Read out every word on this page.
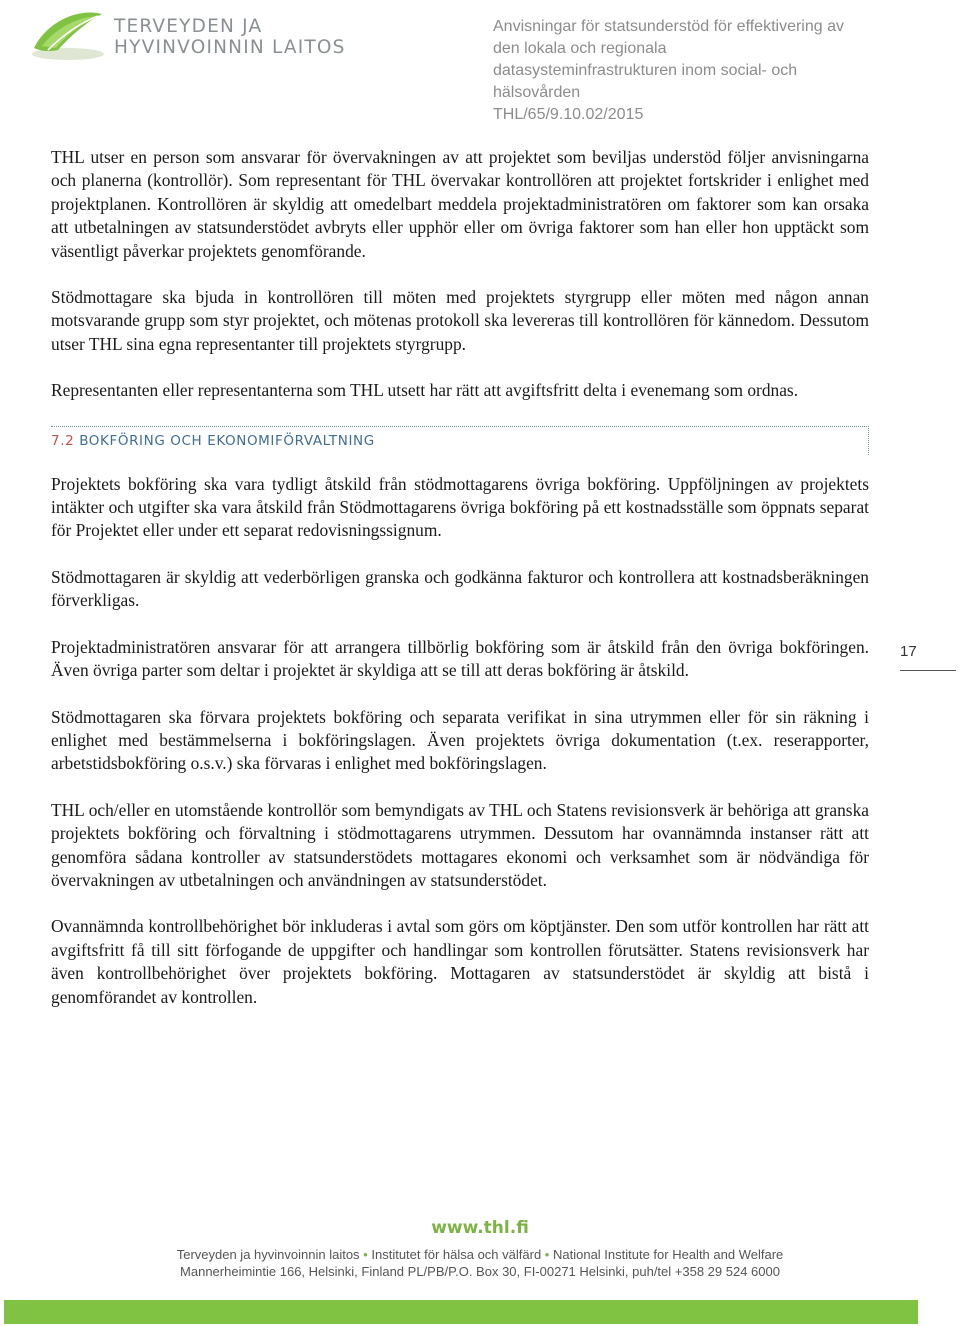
TERVEYDEN JA
HYVINVOINNIN LAITOS
Anvisningar för statsunderstöd för effektivering av
den lokala och regionala
datasysteminfrastrukturen inom social- och
hälsovården
THL/65/9.10.02/2015

THL utser en person som ansvarar för övervakningen av att projektet som beviljas understöd följer anvisningarna och planerna (kontrollör). Som representant för THL övervakar kontrollören att projektet fortskrider i enlighet med projektplanen. Kontrollören är skyldig att omedelbart meddela projektadministratören om faktorer som kan orsaka att utbetalningen av statsunderstödet avbryts eller upphör eller om övriga faktorer som han eller hon upptäckt som väsentligt påverkar projektets genomförande.

Stödmottagare ska bjuda in kontrollören till möten med projektets styrgrupp eller möten med någon annan motsvarande grupp som styr projektet, och mötenas protokoll ska levereras till kontrollören för kännedom. Dessutom utser THL sina egna representanter till projektets styrgrupp.

Representanten eller representanterna som THL utsett har rätt att avgiftsfritt delta i evenemang som ordnas.

7.2 BOKFÖRING OCH EKONOMIFÖRVALTNING

Projektets bokföring ska vara tydligt åtskild från stödmottagarens övriga bokföring. Uppföljningen av projektets intäkter och utgifter ska vara åtskild från Stödmottagarens övriga bokföring på ett kostnadsställe som öppnats separat för Projektet eller under ett separat redovisningssignum.

Stödmottagaren är skyldig att vederbörligen granska och godkänna fakturor och kontrollera att kostnadsberäkningen förverkligas.

Projektadministratören ansvarar för att arrangera tillbörlig bokföring som är åtskild från den övriga bokföringen. Även övriga parter som deltar i projektet är skyldiga att se till att deras bokföring är åtskild.

Stödmottagaren ska förvara projektets bokföring och separata verifikat in sina utrymmen eller för sin räkning i enlighet med bestämmelserna i bokföringslagen. Även projektets övriga dokumentation (t.ex. reserapporter, arbetstidsbokföring o.s.v.) ska förvaras i enlighet med bokföringslagen.

THL och/eller en utomstående kontrollör som bemyndigats av THL och Statens revisionsverk är behöriga att granska projektets bokföring och förvaltning i stödmottagarens utrymmen. Dessutom har ovannämnda instanser rätt att genomföra sådana kontroller av statsunderstödets mottagares ekonomi och verksamhet som är nödvändiga för övervakningen av utbetalningen och användningen av statsunderstödet.

Ovannämnda kontrollbehörighet bör inkluderas i avtal som görs om köptjänster. Den som utför kontrollen har rätt att avgiftsfritt få till sitt förfogande de uppgifter och handlingar som kontrollen förutsätter. Statens revisionsverk har även kontrollbehörighet över projektets bokföring. Mottagaren av statsunderstödet är skyldig att bistå i genomförandet av kontrollen.

17
www.thl.fi
Terveyden ja hyvinvoinnin laitos • Institutet för hälsa och välfärd • National Institute for Health and Welfare
Mannerheimintie 166, Helsinki, Finland PL/PB/P.O. Box 30, FI-00271 Helsinki, puh/tel +358 29 524 6000
